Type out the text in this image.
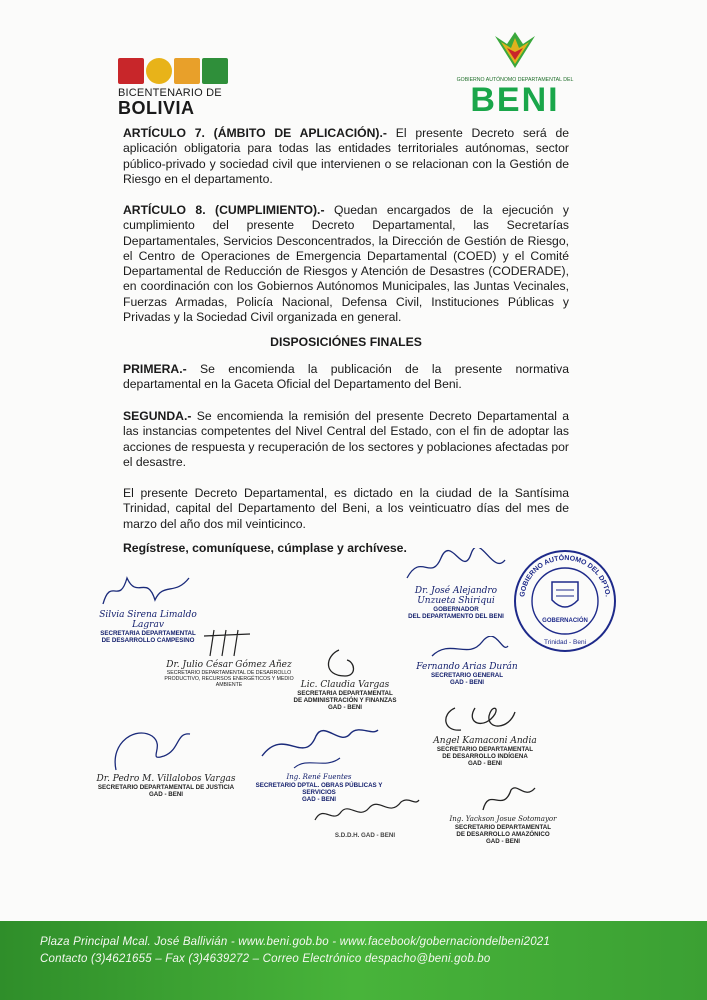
BICENTENARIO DE
BOLIVIA
GOBIERNO AUTÓNOMO DEPARTAMENTAL DEL
BENI

ARTÍCULO 7. (ÁMBITO DE APLICACIÓN).- El presente Decreto será de aplicación obligatoria para todas las entidades territoriales autónomas, sector público-privado y sociedad civil que intervienen o se relacionan con la Gestión de Riesgo en el departamento.

ARTÍCULO 8. (CUMPLIMIENTO).- Quedan encargados de la ejecución y cumplimiento del presente Decreto Departamental, las Secretarías Departamentales, Servicios Desconcentrados, la Dirección de Gestión de Riesgo, el Centro de Operaciones de Emergencia Departamental (COED) y el Comité Departamental de Reducción de Riesgos y Atención de Desastres (CODERADE), en coordinación con los Gobiernos Autónomos Municipales, las Juntas Vecinales, Fuerzas Armadas, Policía Nacional, Defensa Civil, Instituciones Públicas y Privadas y la Sociedad Civil organizada en general.

DISPOSICIÓNES FINALES

PRIMERA.- Se encomienda la publicación de la presente normativa departamental en la Gaceta Oficial del Departamento del Beni.

SEGUNDA.- Se encomienda la remisión del presente Decreto Departamental a las instancias competentes del Nivel Central del Estado, con el fin de adoptar las acciones de respuesta y recuperación de los sectores y poblaciones afectadas por el desastre.

El presente Decreto Departamental, es dictado en la ciudad de la Santísima Trinidad, capital del Departamento del Beni, a los veinticuatro días del mes de marzo del año dos mil veinticinco.

Regístrese, comuníquese, cúmplase y archívese.

GOBIERNO AUTÓNOMO DEL DPTO.
GOBERNACIÓN
Trinidad - Beni
Dr. José Alejandro Unzueta Shiriqui
GOBERNADOR
DEL DEPARTAMENTO DEL BENI
Silvia Sirena Limaldo Lagrav
SECRETARIA DEPARTAMENTAL
DE DESARROLLO CAMPESINO
Dr. Julio César Gómez Añez
SECRETARIO DEPARTAMENTAL DE DESARROLLO
PRODUCTIVO, RECURSOS ENERGÉTICOS Y MEDIO AMBIENTE
Fernando Arias Durán
SECRETARIO GENERAL
GAD - BENI
Lic. Claudia Vargas
SECRETARIA DEPARTAMENTAL
DE ADMINISTRACIÓN Y FINANZAS
GAD - BENI
Angel Kamaconi Andia
SECRETARIO DEPARTAMENTAL
DE DESARROLLO INDÍGENA
GAD - BENI
Dr. Pedro M. Villalobos Vargas
SECRETARIO DEPARTAMENTAL DE JUSTICIA
GAD - BENI
Ing. René Fuentes
SECRETARIO DPTAL. OBRAS PÚBLICAS Y SERVICIOS
GAD - BENI
S.D.D.H. GAD - BENI
Ing. Yackson Josue Sotomayor
SECRETARIO DEPARTAMENTAL
DE DESARROLLO AMAZÓNICO
GAD - BENI
Plaza Principal Mcal. José Ballivián - www.beni.gob.bo - www.facebook/gobernaciondelbeni2021
Contacto (3)4621655 – Fax (3)4639272 – Correo Electrónico despacho@beni.gob.bo
